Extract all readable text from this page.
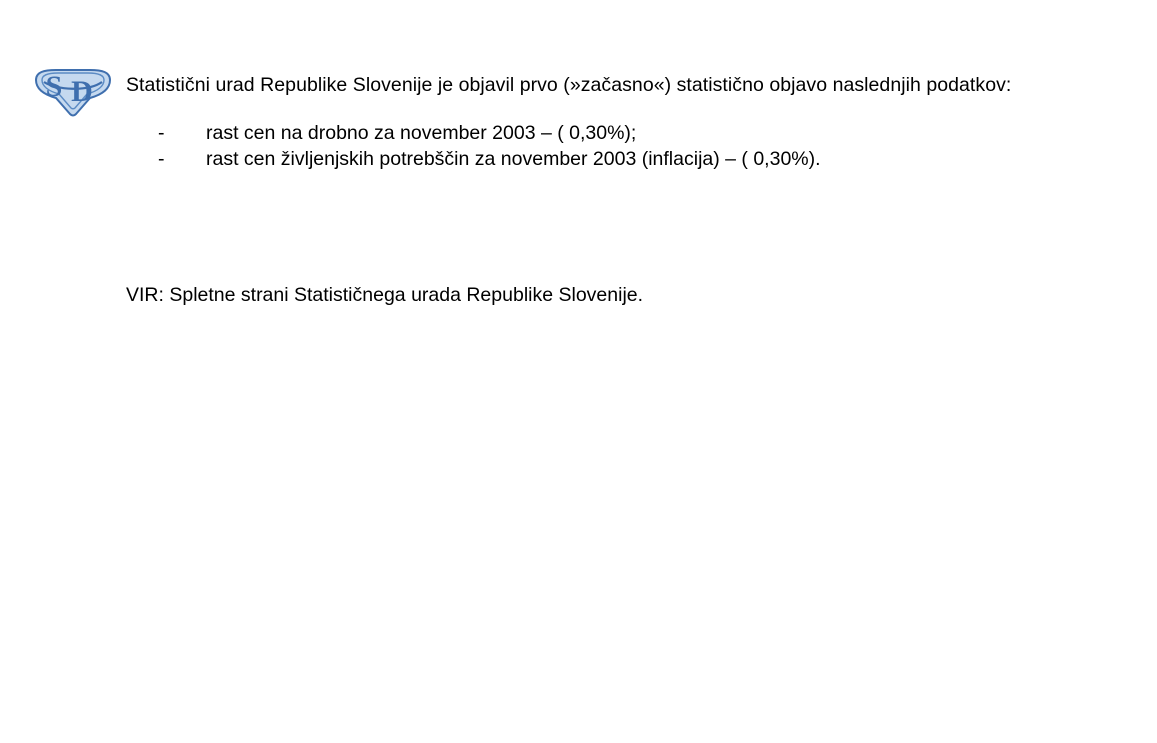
S D Statistični urad Republike Slovenije je objavil prvo (»začasno«) statistično objavo naslednjih podatkov:
-	rast cen na drobno za november 2003 – ( 0,30%);
-	rast cen življenjskih potrebščin za november 2003 (inflacija) – ( 0,30%).
VIR: Spletne strani Statističnega urada Republike Slovenije.
